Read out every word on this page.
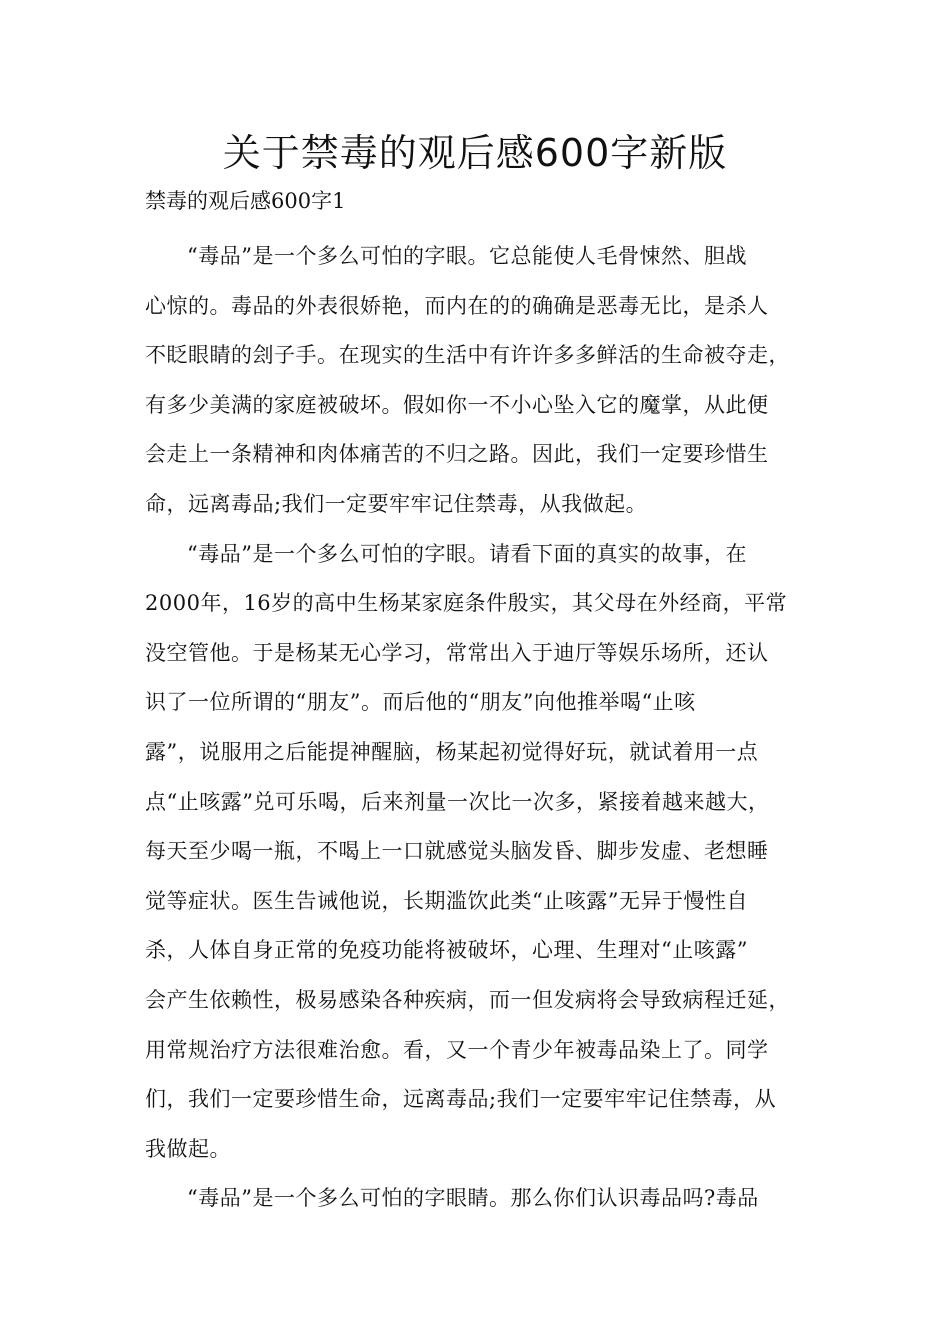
关于禁毒的观后感600字新版

禁毒的观后感600字1

“毒品”是一个多么可怕的字眼。它总能使人毛骨悚然、胆战
心惊的。毒品的外表很娇艳，而内在的的确确是恶毒无比，是杀人
不眨眼睛的刽子手。在现实的生活中有许许多多鲜活的生命被夺走，
有多少美满的家庭被破坏。假如你一不小心坠入它的魔掌，从此便
会走上一条精神和肉体痛苦的不归之路。因此，我们一定要珍惜生
命，远离毒品;我们一定要牢牢记住禁毒，从我做起。
“毒品”是一个多么可怕的字眼。请看下面的真实的故事，在
2000年，16岁的高中生杨某家庭条件殷实，其父母在外经商，平常
没空管他。于是杨某无心学习，常常出入于迪厅等娱乐场所，还认
识了一位所谓的“朋友”。而后他的“朋友”向他推举喝“止咳
露”，说服用之后能提神醒脑，杨某起初觉得好玩，就试着用一点
点“止咳露”兑可乐喝，后来剂量一次比一次多，紧接着越来越大，
每天至少喝一瓶，不喝上一口就感觉头脑发昏、脚步发虚、老想睡
觉等症状。医生告诫他说，长期滥饮此类“止咳露”无异于慢性自
杀，人体自身正常的免疫功能将被破坏，心理、生理对“止咳露”
会产生依赖性，极易感染各种疾病，而一但发病将会导致病程迁延，
用常规治疗方法很难治愈。看，又一个青少年被毒品染上了。同学
们，我们一定要珍惜生命，远离毒品;我们一定要牢牢记住禁毒，从
我做起。
“毒品”是一个多么可怕的字眼睛。那么你们认识毒品吗?毒品
